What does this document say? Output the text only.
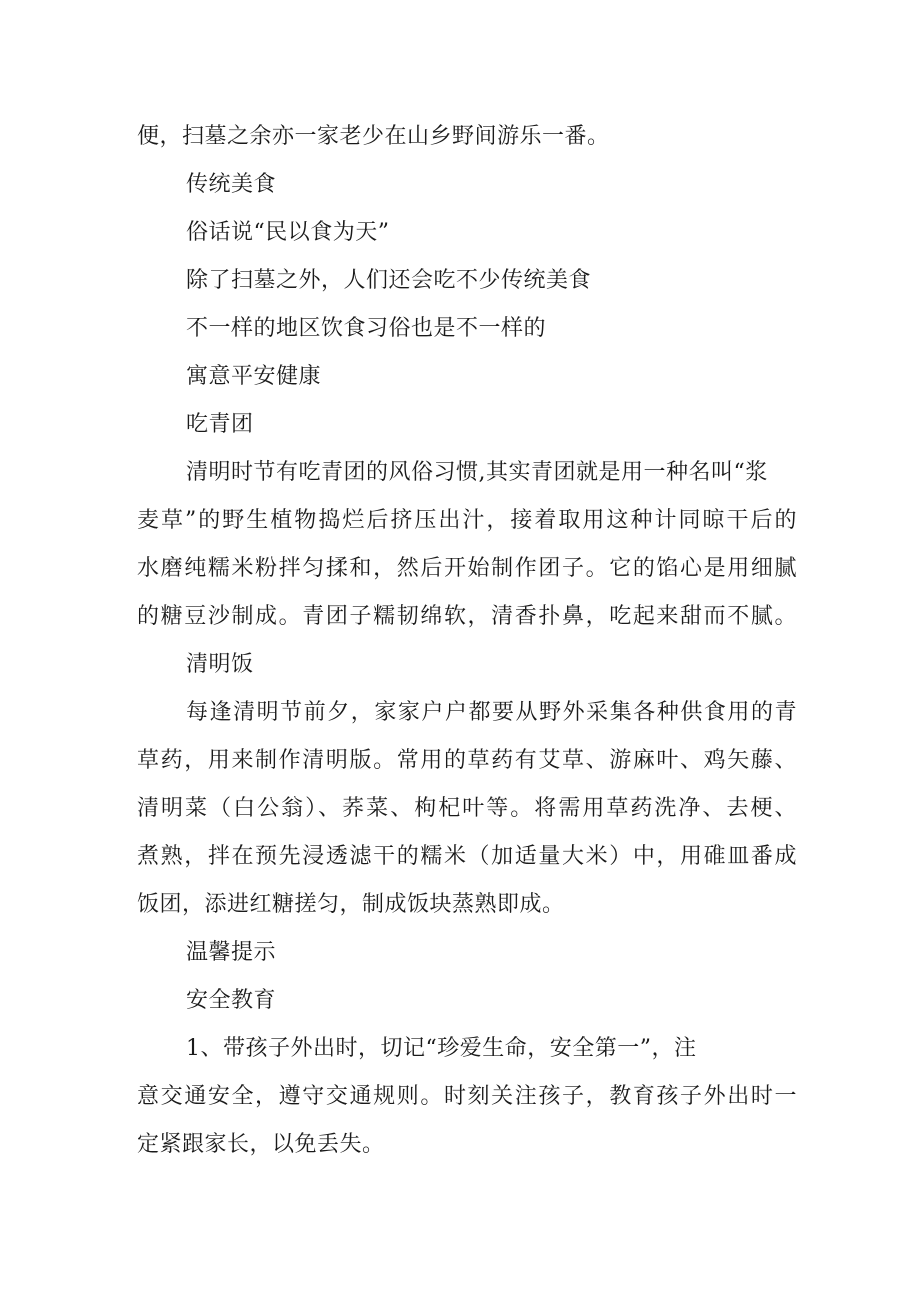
便，扫墓之余亦一家老少在山乡野间游乐一番。
传统美食
俗话说“民以食为天”
除了扫墓之外，人们还会吃不少传统美食
不一样的地区饮食习俗也是不一样的
寓意平安健康
吃青团
清明时节有吃青团的风俗习惯,其实青团就是用一种名叫“浆
麦草”的野生植物捣烂后挤压出汁，接着取用这种计同晾干后的
水磨纯糯米粉拌匀揉和，然后开始制作团子。它的馅心是用细腻
的糖豆沙制成。青团子糯韧绵软，清香扑鼻，吃起来甜而不腻。
清明饭
每逢清明节前夕，家家户户都要从野外采集各种供食用的青
草药，用来制作清明版。常用的草药有艾草、游麻叶、鸡矢藤、
清明菜（白公翁）、荞菜、枸杞叶等。将需用草药洗净、去梗、
煮熟，拌在预先浸透滤干的糯米（加适量大米）中，用碓皿番成
饭团，添进红糖搓匀，制成饭块蒸熟即成。
温馨提示
安全教育
1、带孩子外出时，切记“珍爱生命，安全第一”，注
意交通安全，遵守交通规则。时刻关注孩子，教育孩子外出时一
定紧跟家长，以免丢失。
